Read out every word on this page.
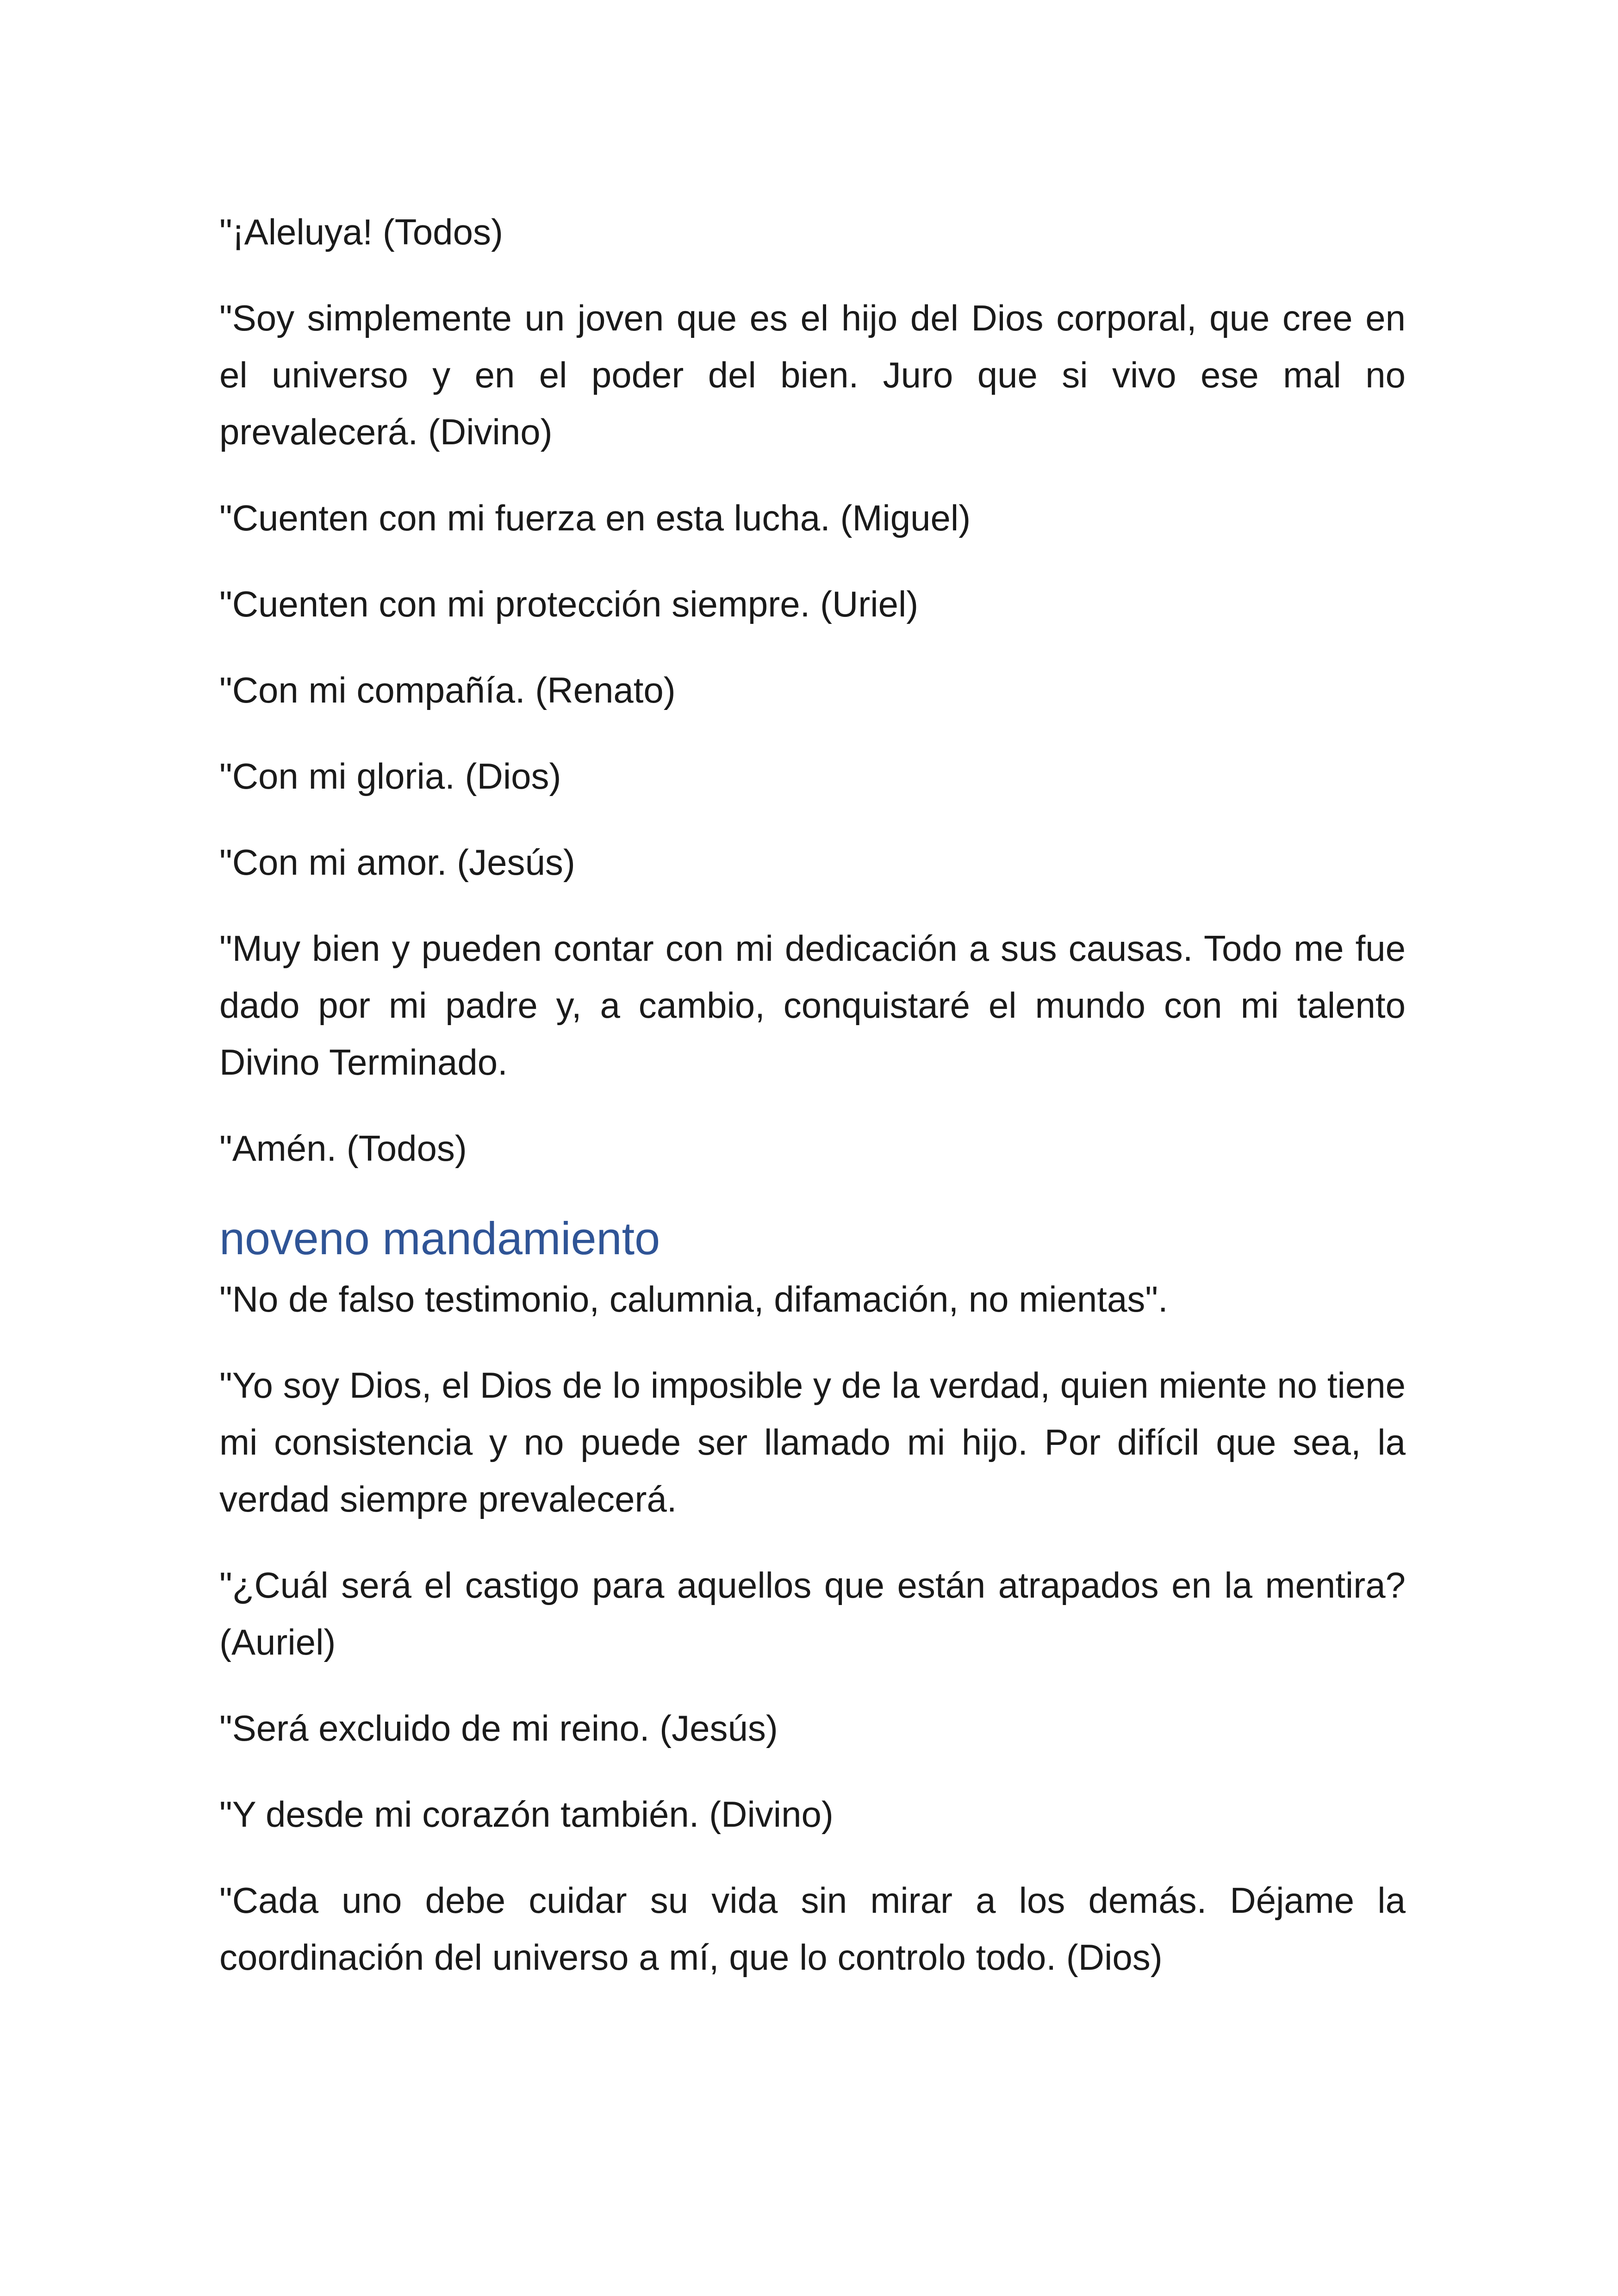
"¡Aleluya! (Todos)

"Soy simplemente un joven que es el hijo del Dios corporal, que cree en el universo y en el poder del bien. Juro que si vivo ese mal no prevalecerá. (Divino)

"Cuenten con mi fuerza en esta lucha. (Miguel)

"Cuenten con mi protección siempre. (Uriel)

"Con mi compañía. (Renato)

"Con mi gloria. (Dios)

"Con mi amor. (Jesús)

"Muy bien y pueden contar con mi dedicación a sus causas. Todo me fue dado por mi padre y, a cambio, conquistaré el mundo con mi talento Divino Terminado.

"Amén. (Todos)

noveno mandamiento

"No de falso testimonio, calumnia, difamación, no mientas".

"Yo soy Dios, el Dios de lo imposible y de la verdad, quien miente no tiene mi consistencia y no puede ser llamado mi hijo. Por difícil que sea, la verdad siempre prevalecerá.

"¿Cuál será el castigo para aquellos que están atrapados en la mentira? (Auriel)

"Será excluido de mi reino. (Jesús)

"Y desde mi corazón también. (Divino)

"Cada uno debe cuidar su vida sin mirar a los demás. Déjame la coordinación del universo a mí, que lo controlo todo. (Dios)
